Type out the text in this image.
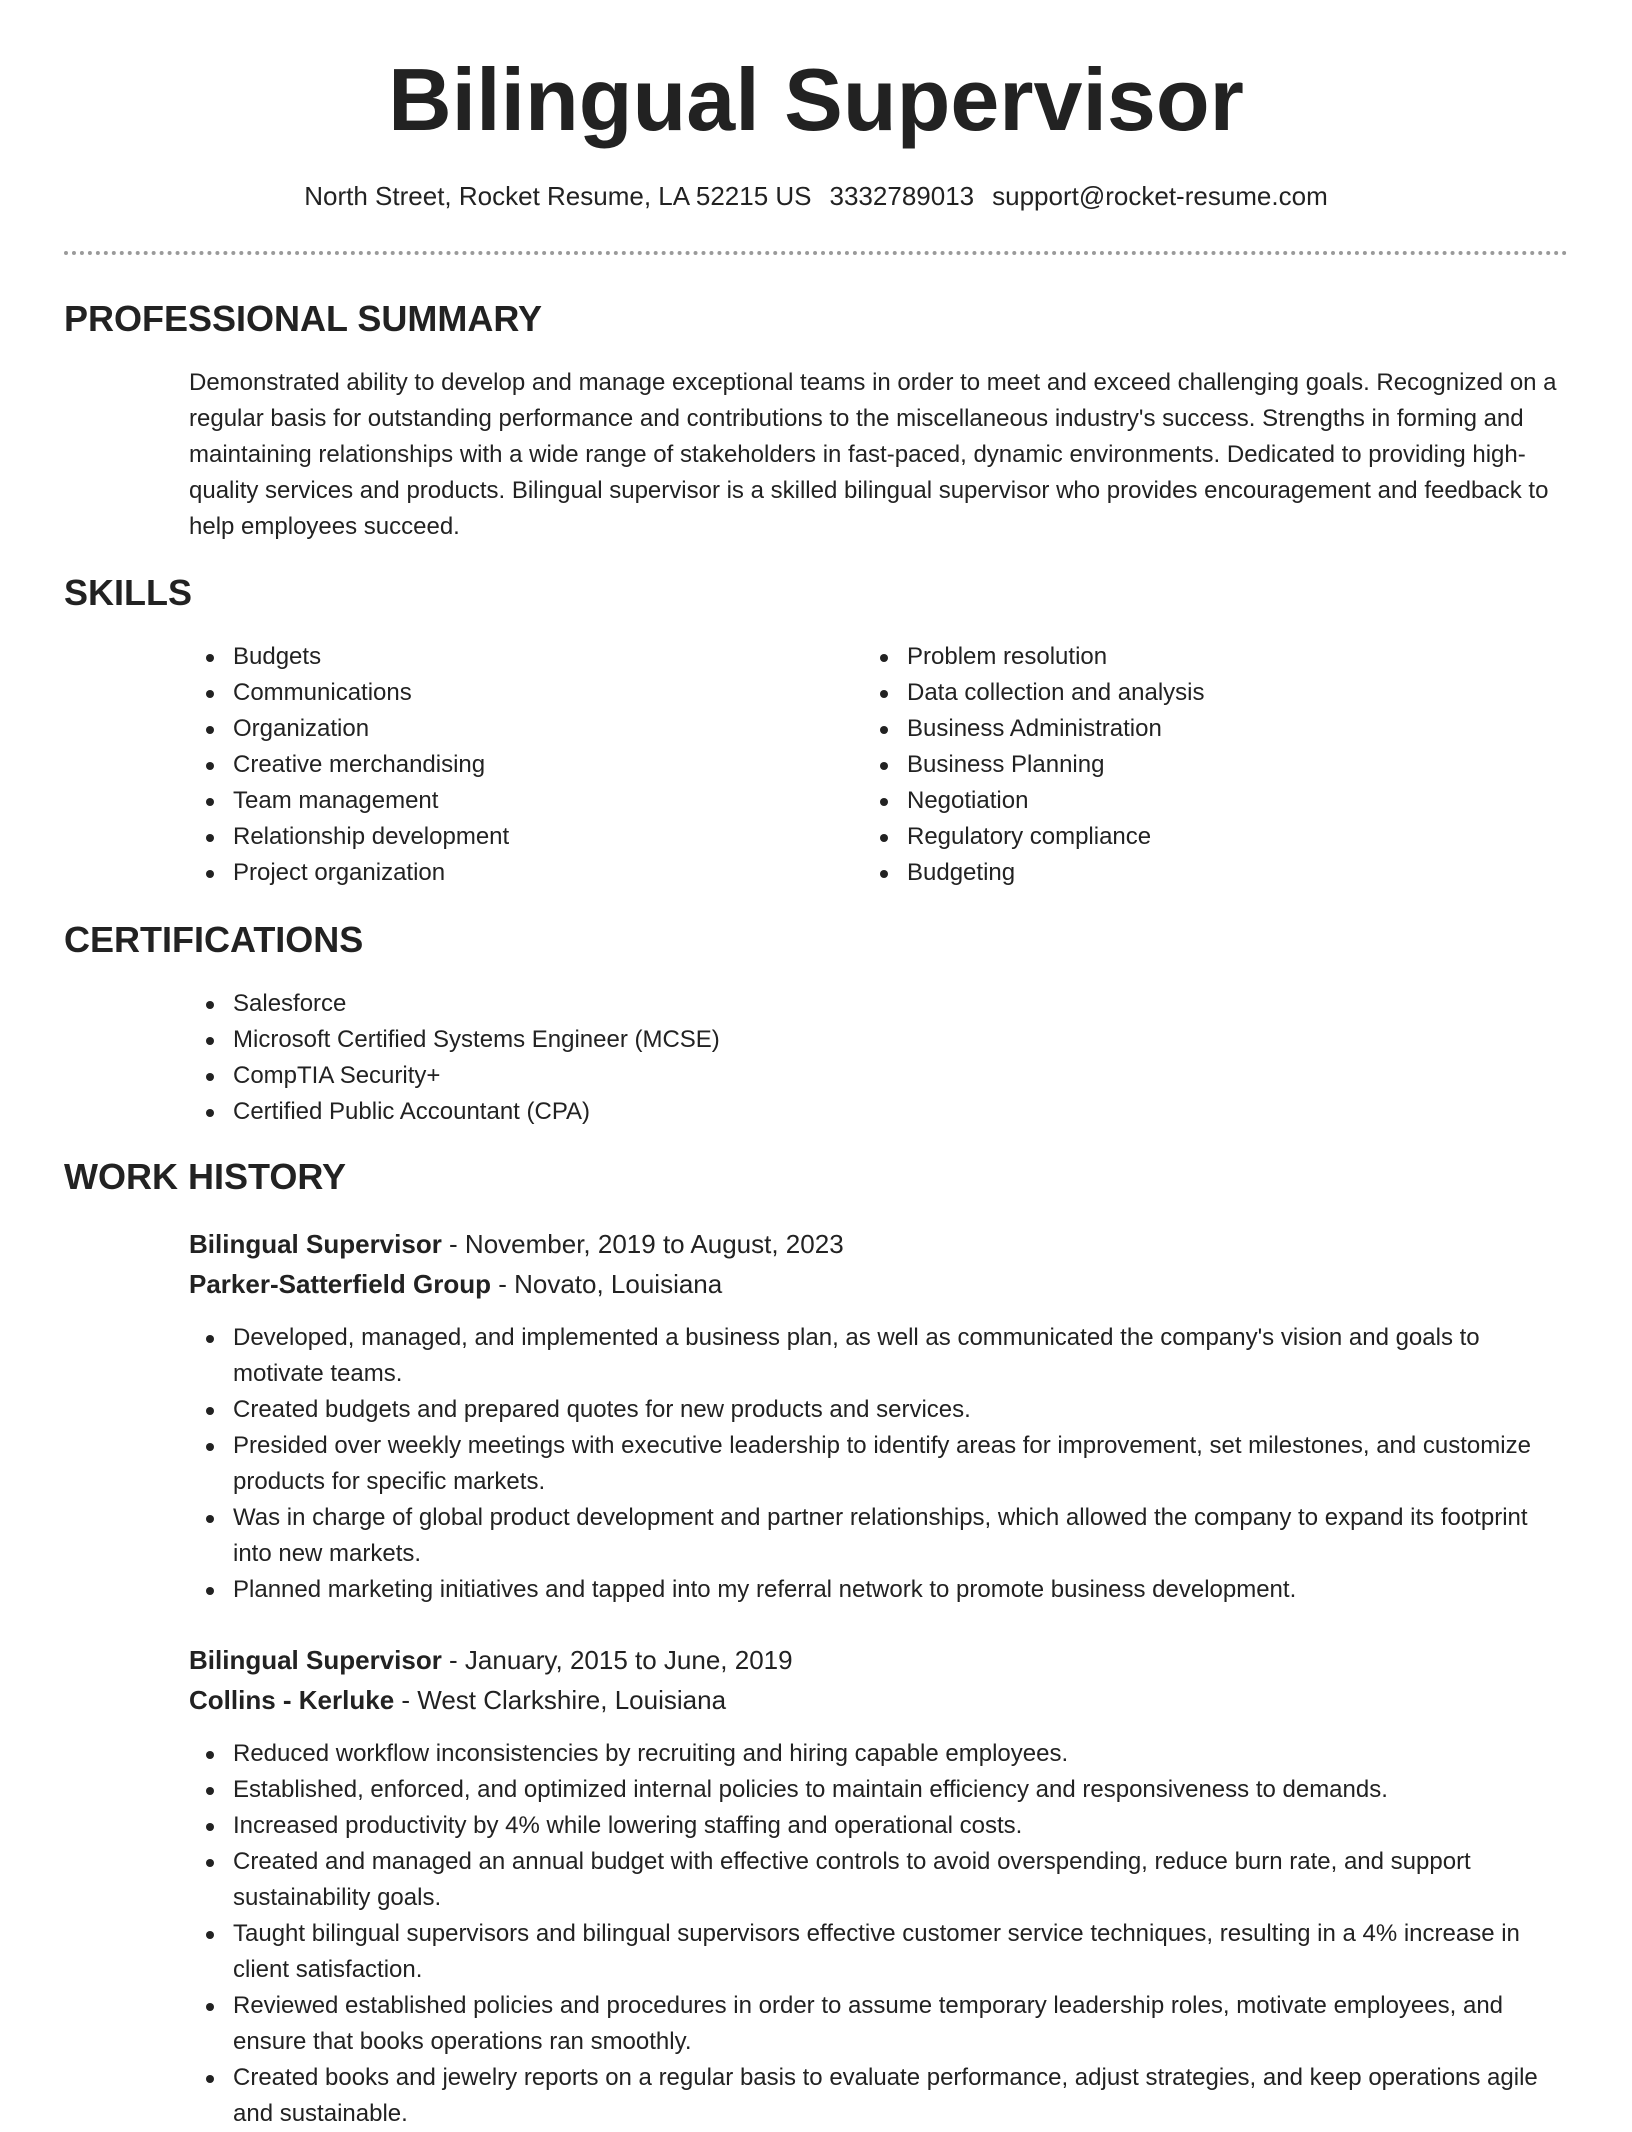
Bilingual Supervisor
North Street, Rocket Resume, LA 52215 US 3332789013 support@rocket-resume.com
PROFESSIONAL SUMMARY
Demonstrated ability to develop and manage exceptional teams in order to meet and exceed challenging goals. Recognized on a regular basis for outstanding performance and contributions to the miscellaneous industry's success. Strengths in forming and maintaining relationships with a wide range of stakeholders in fast-paced, dynamic environments. Dedicated to providing high-quality services and products. Bilingual supervisor is a skilled bilingual supervisor who provides encouragement and feedback to help employees succeed.
SKILLS
Budgets
Communications
Organization
Creative merchandising
Team management
Relationship development
Project organization
Problem resolution
Data collection and analysis
Business Administration
Business Planning
Negotiation
Regulatory compliance
Budgeting
CERTIFICATIONS
Salesforce
Microsoft Certified Systems Engineer (MCSE)
CompTIA Security+
Certified Public Accountant (CPA)
WORK HISTORY
Bilingual Supervisor - November, 2019 to August, 2023
Parker-Satterfield Group - Novato, Louisiana
Developed, managed, and implemented a business plan, as well as communicated the company's vision and goals to motivate teams.
Created budgets and prepared quotes for new products and services.
Presided over weekly meetings with executive leadership to identify areas for improvement, set milestones, and customize products for specific markets.
Was in charge of global product development and partner relationships, which allowed the company to expand its footprint into new markets.
Planned marketing initiatives and tapped into my referral network to promote business development.
Bilingual Supervisor - January, 2015 to June, 2019
Collins - Kerluke - West Clarkshire, Louisiana
Reduced workflow inconsistencies by recruiting and hiring capable employees.
Established, enforced, and optimized internal policies to maintain efficiency and responsiveness to demands.
Increased productivity by 4% while lowering staffing and operational costs.
Created and managed an annual budget with effective controls to avoid overspending, reduce burn rate, and support sustainability goals.
Taught bilingual supervisors and bilingual supervisors effective customer service techniques, resulting in a 4% increase in client satisfaction.
Reviewed established policies and procedures in order to assume temporary leadership roles, motivate employees, and ensure that books operations ran smoothly.
Created books and jewelry reports on a regular basis to evaluate performance, adjust strategies, and keep operations agile and sustainable.
